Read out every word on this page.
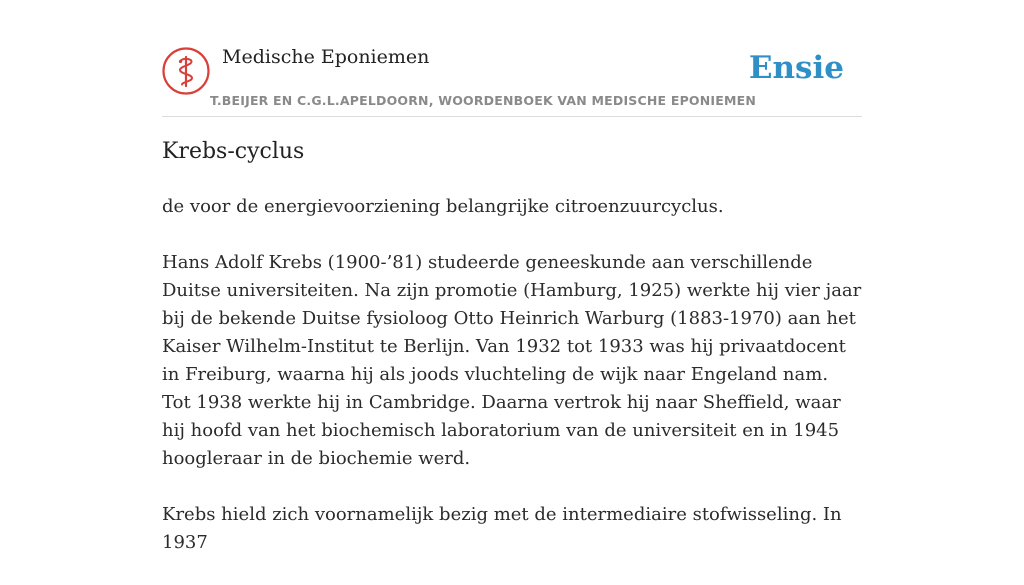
Medische Eponiemen
T.BEIJER EN C.G.L.APELDOORN, WOORDENBOEK VAN MEDISCHE EPONIEMEN
Ensie
Krebs-cyclus

de voor de energievoorziening belangrijke citroenzuurcyclus.

Hans Adolf Krebs (1900-’81) studeerde geneeskunde aan verschillende Duitse universiteiten. Na zijn promotie (Hamburg, 1925) werkte hij vier jaar bij de bekende Duitse fysioloog Otto Heinrich Warburg (1883-1970) aan het Kaiser Wilhelm-Institut te Berlijn. Van 1932 tot 1933 was hij privaatdocent in Freiburg, waarna hij als joods vluchteling de wijk naar Engeland nam. Tot 1938 werkte hij in Cambridge. Daarna vertrok hij naar Sheffield, waar hij hoofd van het biochemisch laboratorium van de universiteit en in 1945 hoogleraar in de biochemie werd.

Krebs hield zich voornamelijk bezig met de intermediaire stofwisseling. In 1937
